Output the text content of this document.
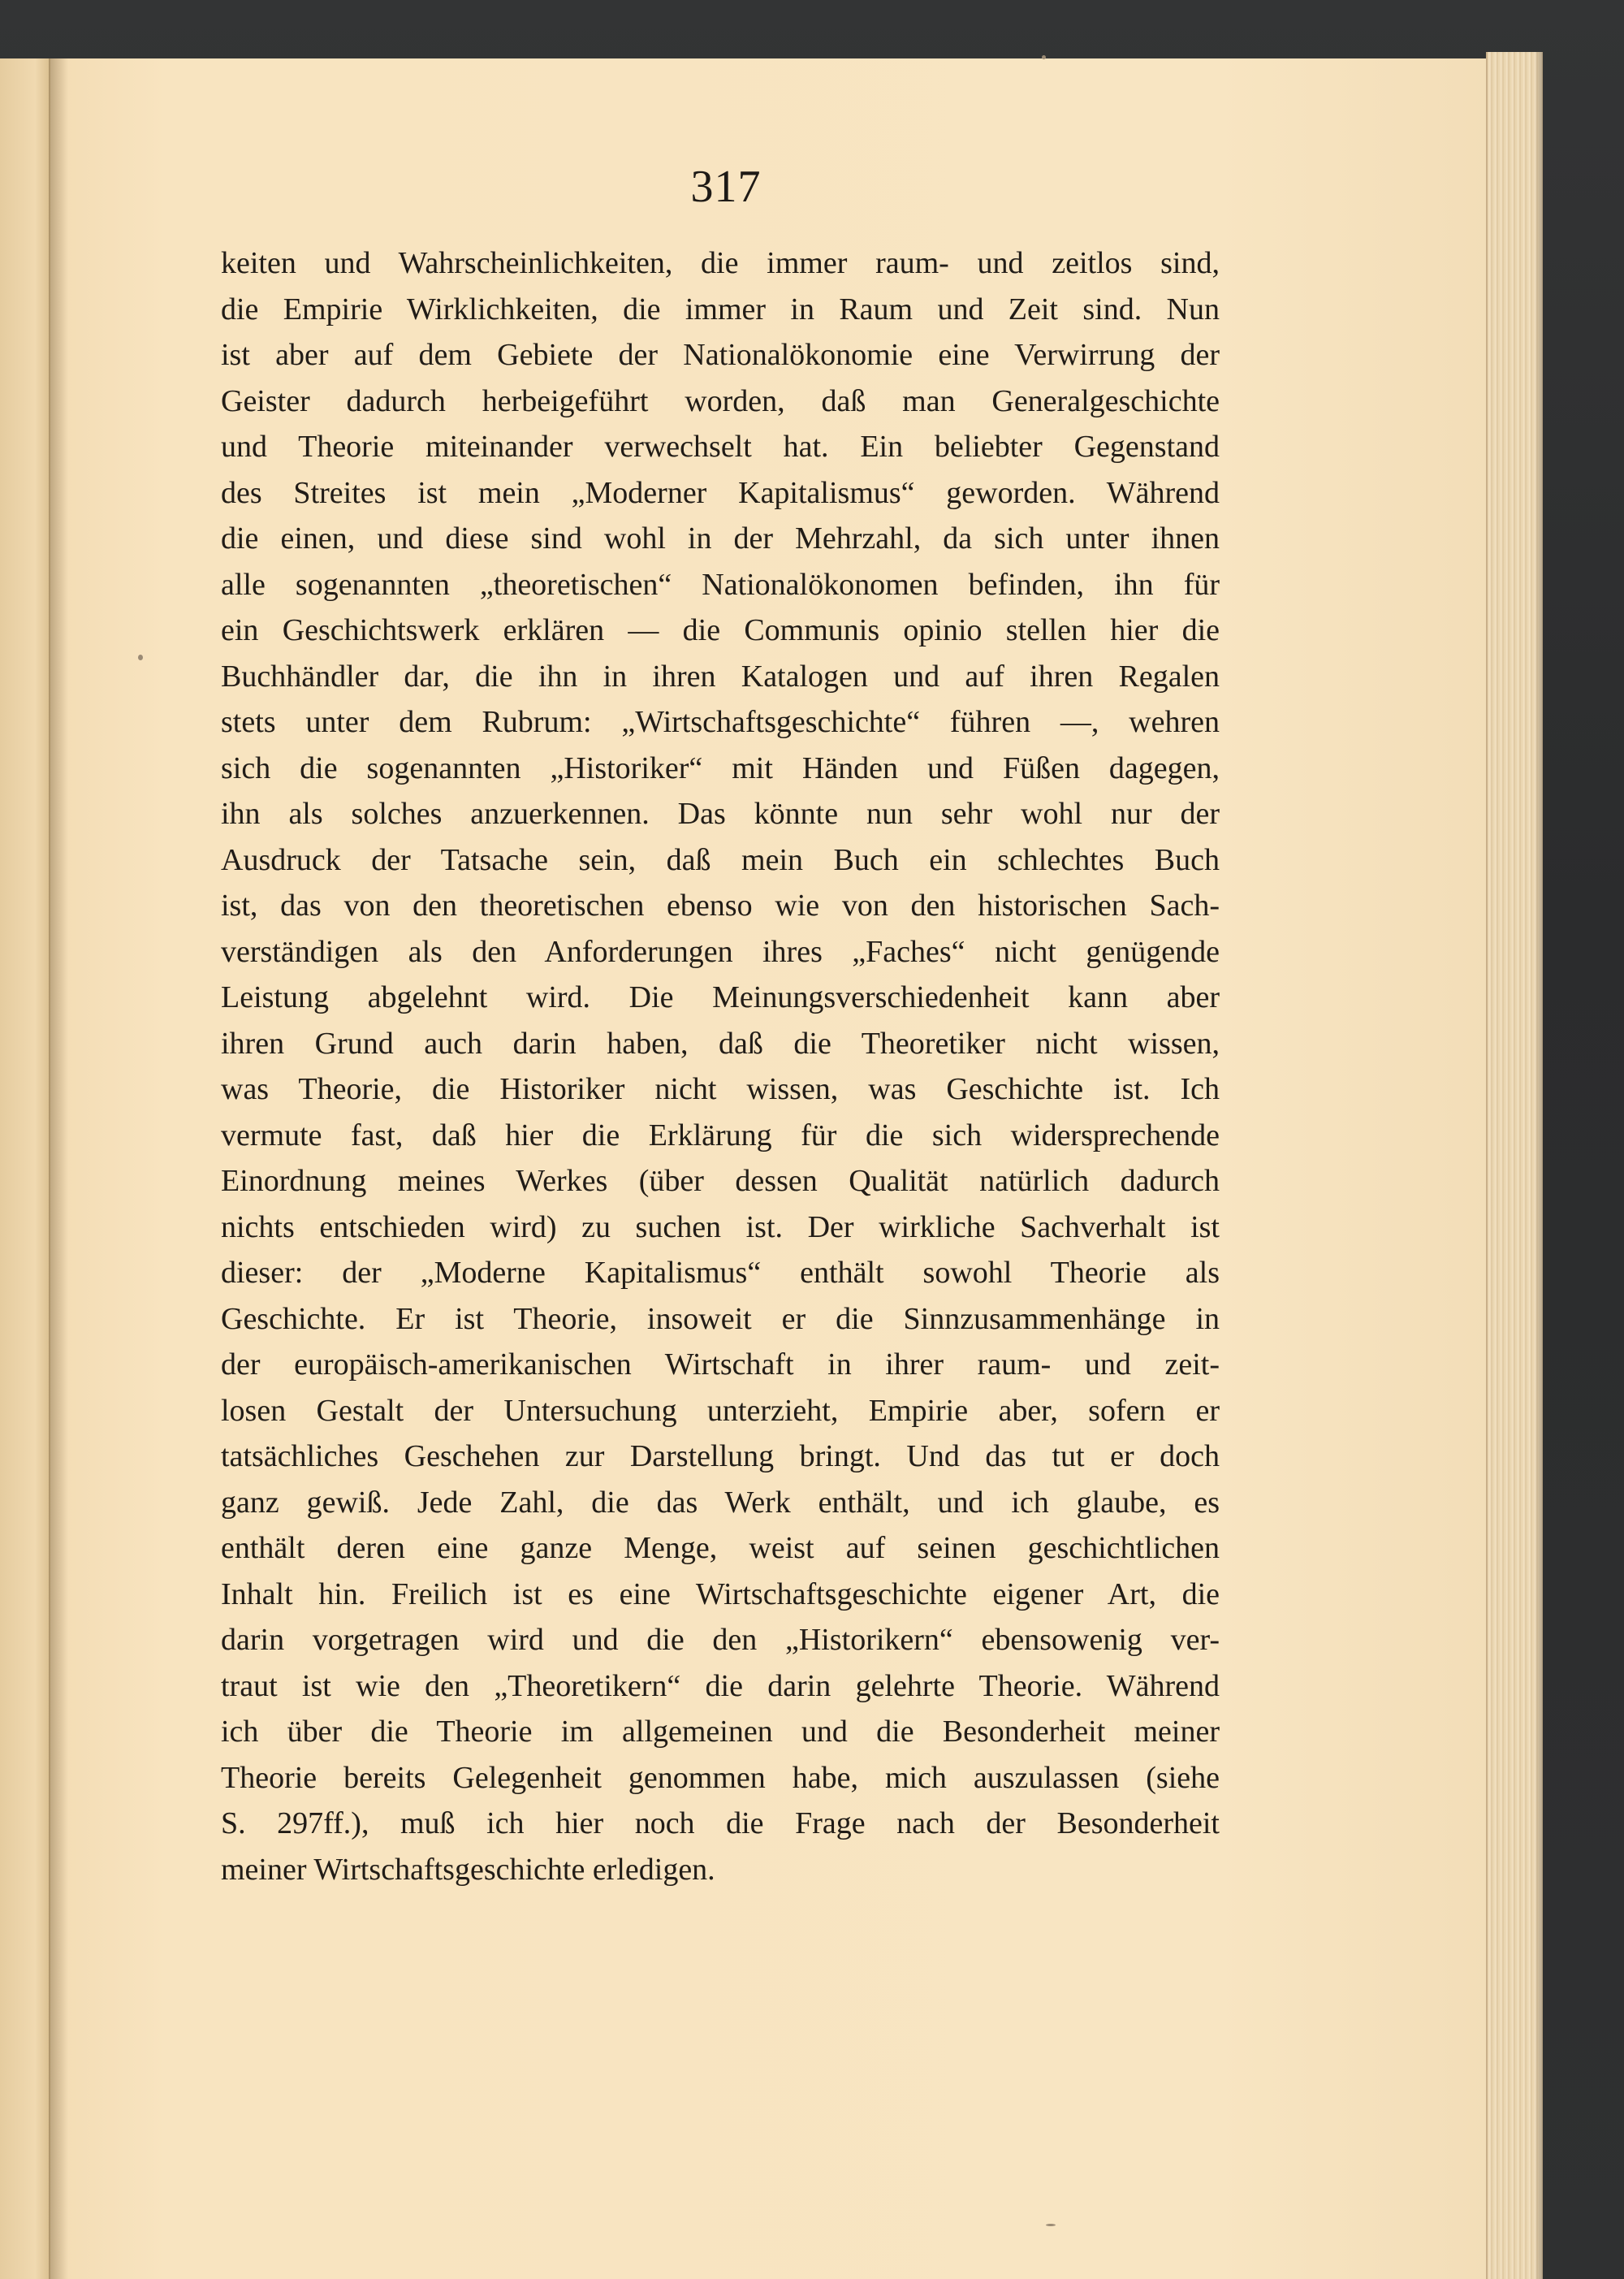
317
keiten und Wahrscheinlichkeiten, die immer raum- und zeitlos sind,
die Empirie Wirklichkeiten, die immer in Raum und Zeit sind. Nun
ist aber auf dem Gebiete der Nationalökonomie eine Verwirrung der
Geister dadurch herbeigeführt worden, daß man Generalgeschichte
und Theorie miteinander verwechselt hat. Ein beliebter Gegenstand
des Streites ist mein „Moderner Kapitalismus“ geworden. Während
die einen, und diese sind wohl in der Mehrzahl, da sich unter ihnen
alle sogenannten „theoretischen“ Nationalökonomen befinden, ihn für
ein Geschichtswerk erklären — die Communis opinio stellen hier die
Buchhändler dar, die ihn in ihren Katalogen und auf ihren Regalen
stets unter dem Rubrum: „Wirtschaftsgeschichte“ führen —, wehren
sich die sogenannten „Historiker“ mit Händen und Füßen dagegen,
ihn als solches anzuerkennen. Das könnte nun sehr wohl nur der
Ausdruck der Tatsache sein, daß mein Buch ein schlechtes Buch
ist, das von den theoretischen ebenso wie von den historischen Sach-
verständigen als den Anforderungen ihres „Faches“ nicht genügende
Leistung abgelehnt wird. Die Meinungsverschiedenheit kann aber
ihren Grund auch darin haben, daß die Theoretiker nicht wissen,
was Theorie, die Historiker nicht wissen, was Geschichte ist. Ich
vermute fast, daß hier die Erklärung für die sich widersprechende
Einordnung meines Werkes (über dessen Qualität natürlich dadurch
nichts entschieden wird) zu suchen ist. Der wirkliche Sachverhalt ist
dieser: der „Moderne Kapitalismus“ enthält sowohl Theorie als
Geschichte. Er ist Theorie, insoweit er die Sinnzusammenhänge in
der europäisch-amerikanischen Wirtschaft in ihrer raum- und zeit-
losen Gestalt der Untersuchung unterzieht, Empirie aber, sofern er
tatsächliches Geschehen zur Darstellung bringt. Und das tut er doch
ganz gewiß. Jede Zahl, die das Werk enthält, und ich glaube, es
enthält deren eine ganze Menge, weist auf seinen geschichtlichen
Inhalt hin. Freilich ist es eine Wirtschaftsgeschichte eigener Art, die
darin vorgetragen wird und die den „Historikern“ ebensowenig ver-
traut ist wie den „Theoretikern“ die darin gelehrte Theorie. Während
ich über die Theorie im allgemeinen und die Besonderheit meiner
Theorie bereits Gelegenheit genommen habe, mich auszulassen (siehe
S. 297ff.), muß ich hier noch die Frage nach der Besonderheit
meiner Wirtschaftsgeschichte erledigen.
